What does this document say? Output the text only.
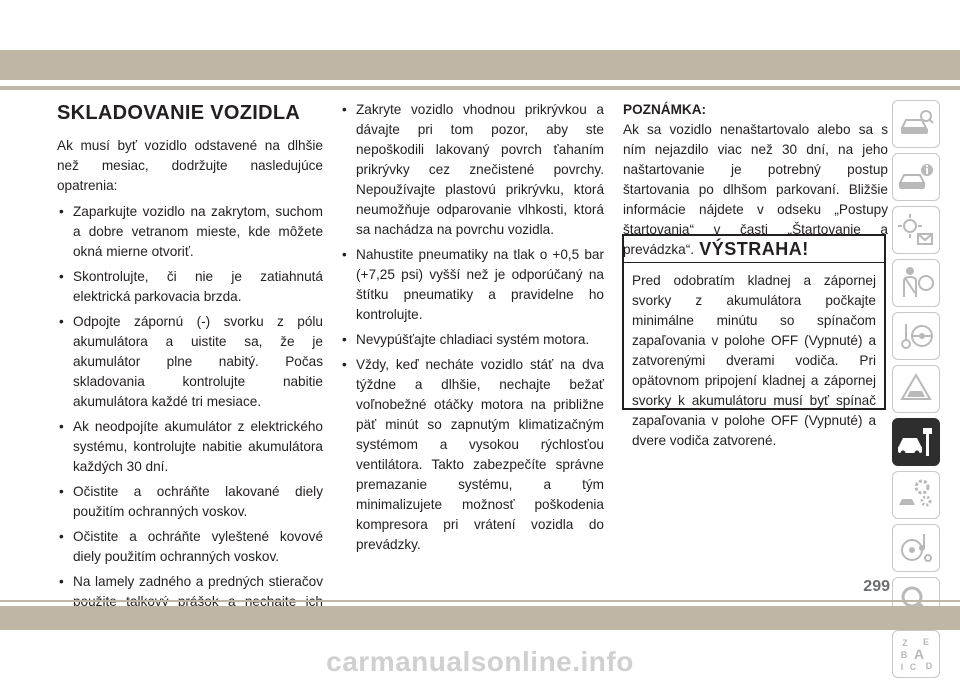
SKLADOVANIE VOZIDLA

Ak musí byť vozidlo odstavené na dlhšie než mesiac, dodržujte nasledujúce opatrenia:

• Zaparkujte vozidlo na zakrytom, suchom a dobre vetranom mieste, kde môžete okná mierne otvoriť.
• Skontrolujte, či nie je zatiahnutá elektrická parkovacia brzda.
• Odpojte zápornú (-) svorku z pólu akumulátora a uistite sa, že je akumulátor plne nabitý. Počas skladovania kontrolujte nabitie akumulátora každé tri mesiace.
• Ak neodpojíte akumulátor z elektrického systému, kontrolujte nabitie akumulátora každých 30 dní.
• Očistite a ochráňte lakované diely použitím ochranných voskov.
• Očistite a ochráňte vyleštené kovové diely použitím ochranných voskov.
• Na lamely zadného a predných stieračov
• Zakryte vozidlo vhodnou prikrývkou a dávajte pri tom pozor, aby ste nepoškodili lakovaný povrch ťahaním prikrývky cez znečistené povrchy. Nepoužívajte plastovú prikrývku, ktorá neumožňuje odparovanie vlhkosti, ktorá sa nachádza na povrchu vozidla.
• Nahustite pneumatiky na tlak o +0,5 bar (+7,25 psi) vyšší než je odporúčaný na štítku pneumatiky a pravidelne ho kontrolujte.
• Nevypúšťajte chladiaci systém motora.
• Vždy, keď necháte vozidlo stáť na dva týždne a dlhšie, nechajte bežať voľnobežné otáčky motora na približne päť minút so zapnutým klimatizačným systémom a vysokou rýchlosťou ventilátora. Takto zabezpečíte správne premazanie systému, a tým minimalizujete možnosť poškodenia kompresora pri vrátení vozidla do prevádzky.
POZNÁMKA:

Ak sa vozidlo nenaštartovalo alebo sa s ním nejazdilo viac než 30 dní, na jeho naštartovanie je potrebný postup štartovania po dlhšom parkovaní. Bližšie informácie nájdete v odseku „Postupy štartovania“ v časti „Štartovanie a prevádzka“. VÝSTRAHA!
Pred odobratím kladnej a zápornej svorky z akumulátora počkajte minimálne minútu so spínačom zapaľovania v polohe OFF (Vypnuté) a zatvorenými dverami vodiča. Pri opätovnom pripojení kladnej a zápornej svorky k akumulátoru musí byť spínač zapaľovania v polohe OFF (Vypnuté) a dvere vodiča zatvorené.
Z E
B A
C D
I
299
carmanualsonline.info
